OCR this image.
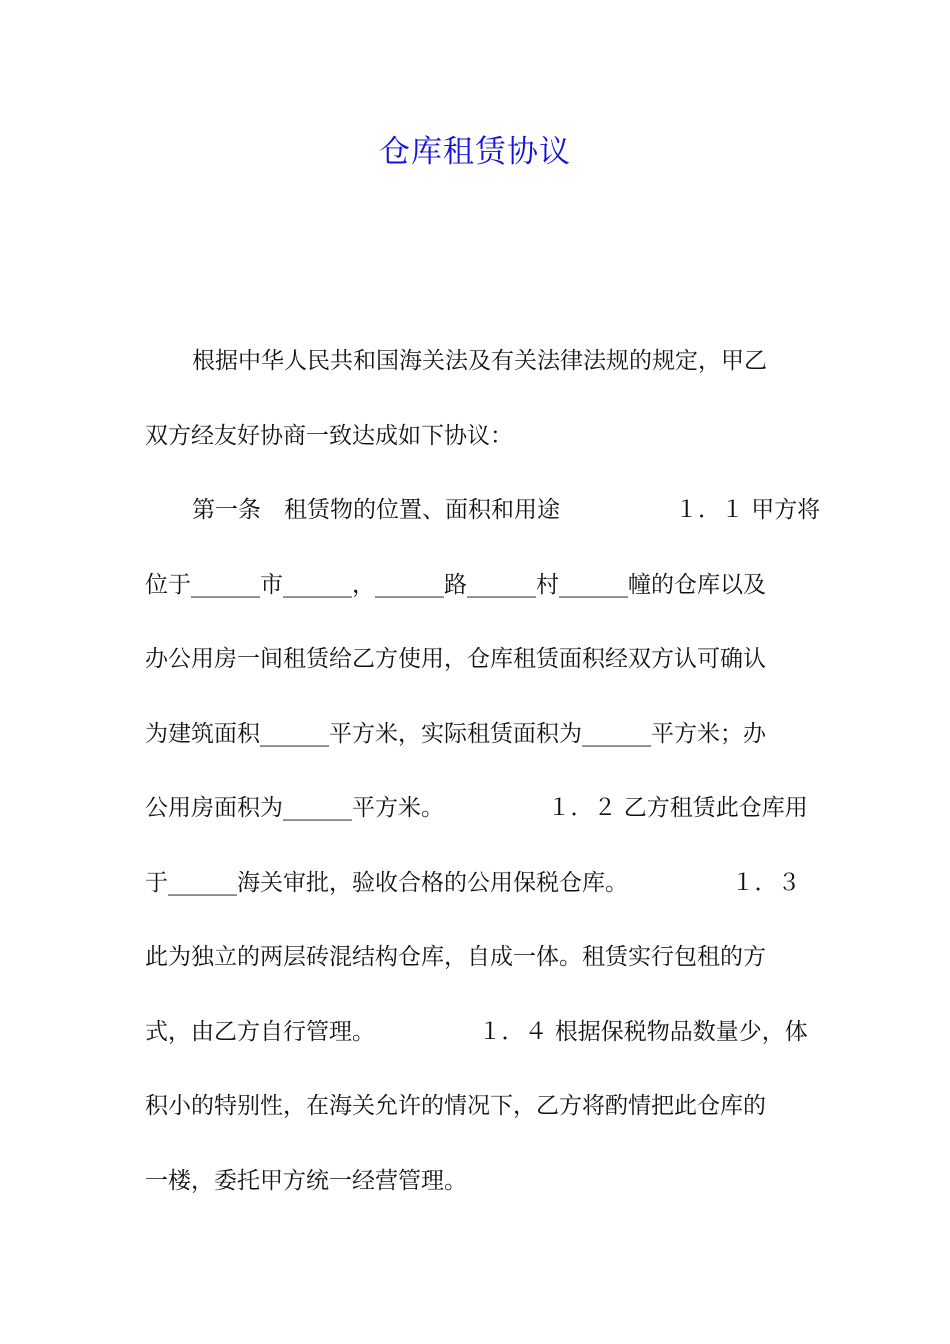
仓库租赁协议
根据中华人民共和国海关法及有关法律法规的规定，甲乙
双方经友好协商一致达成如下协议：
第一条　租赁物的位置、面积和用途　　　　　１．１ 甲方将
位于______市______，______路______村______幢的仓库以及
办公用房一间租赁给乙方使用，仓库租赁面积经双方认可确认
为建筑面积______平方米，实际租赁面积为______平方米；办
公用房面积为______平方米。　　　　　１．２ 乙方租赁此仓库用
于______海关审批，验收合格的公用保税仓库。　　　　　１．３
此为独立的两层砖混结构仓库，自成一体。租赁实行包租的方
式，由乙方自行管理。　　　　　１．４ 根据保税物品数量少，体
积小的特别性，在海关允许的情况下，乙方将酌情把此仓库的
一楼，委托甲方统一经营管理。
